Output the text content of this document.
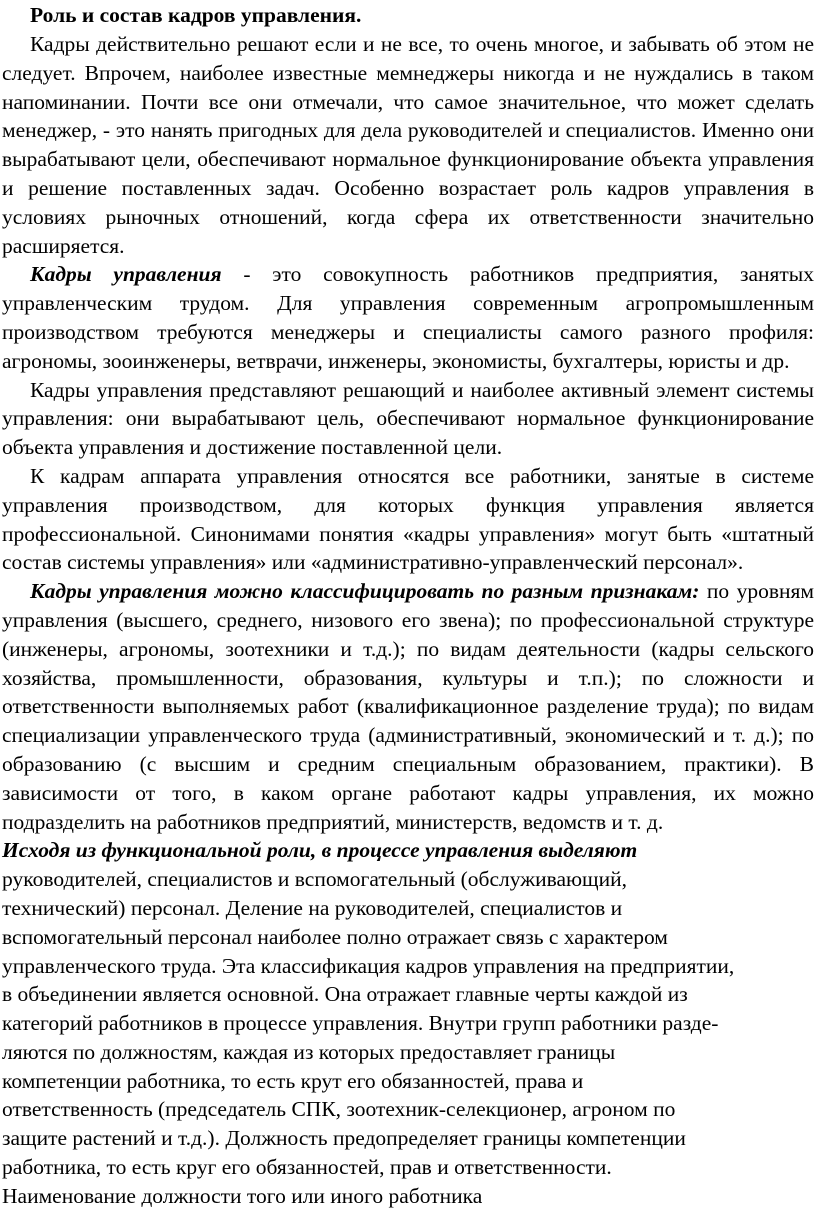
Роль и состав кадров управления.

Кадры действительно решают если и не все, то очень многое, и забывать об этом не следует. Впрочем, наиболее известные мемнеджеры никогда и не нуждались в таком напоминании. Почти все они отмечали, что самое значительное, что может сделать менеджер, - это нанять пригодных для дела руководителей и специалистов. Именно они вырабатывают цели, обеспечивают нормальное функционирование объекта управления и решение поставленных задач. Особенно возрастает роль кадров управления в условиях рыночных отношений, когда сфера их ответственности значительно расширяется.

Кадры управления - это совокупность работников предприятия, занятых управленческим трудом. Для управления современным агропромышленным производством требуются менеджеры и специалисты самого разного профиля: агрономы, зооинженеры, ветврачи, инженеры, экономисты, бухгалтеры, юристы и др.

Кадры управления представляют решающий и наиболее активный элемент системы управления: они вырабатывают цель, обеспечивают нормальное функционирование объекта управления и достижение поставленной цели.

К кадрам аппарата управления относятся все работники, занятые в системе управления производством, для которых функция управления является профессиональной. Синонимами понятия «кадры управления» могут быть «штатный состав системы управления» или «административно-управленческий персонал».

Кадры управления можно классифицировать по разным признакам: по уровням управления (высшего, среднего, низового его звена); по профессиональной структуре (инженеры, агрономы, зоотехники и т.д.); по видам деятельности (кадры сельского хозяйства, промышленности, образования, культуры и т.п.); по сложности и ответственности выполняемых работ (квалификационное разделение труда); по видам специализации управленческого труда (административный, экономический и т. д.); по образованию (с высшим и средним специальным образованием, практики). В зависимости от того, в каком органе работают кадры управления, их можно подразделить на работников предприятий, министерств, ведомств и т. д.

Исходя из функциональной роли, в процессе управления выделяют
руководителей, специалистов и вспомогательный (обслуживающий,
технический) персонал. Деление на руководителей, специалистов и
вспомогательный персонал наиболее полно отражает связь с характером
управленческого труда. Эта классификация кадров управления на предприятии,
в объединении является основной. Она отражает главные черты каждой из
категорий работников в процессе управления. Внутри групп работники разде-
ляются по должностям, каждая из которых предоставляет границы
компетенции работника, то есть крут его обязанностей, права и
ответственность (председатель СПК, зоотехник-селекционер, агроном по
защите растений и т.д.). Должность предопределяет границы компетенции
работника, то есть круг его обязанностей, прав и ответственности.
Наименование должности того или иного работника
